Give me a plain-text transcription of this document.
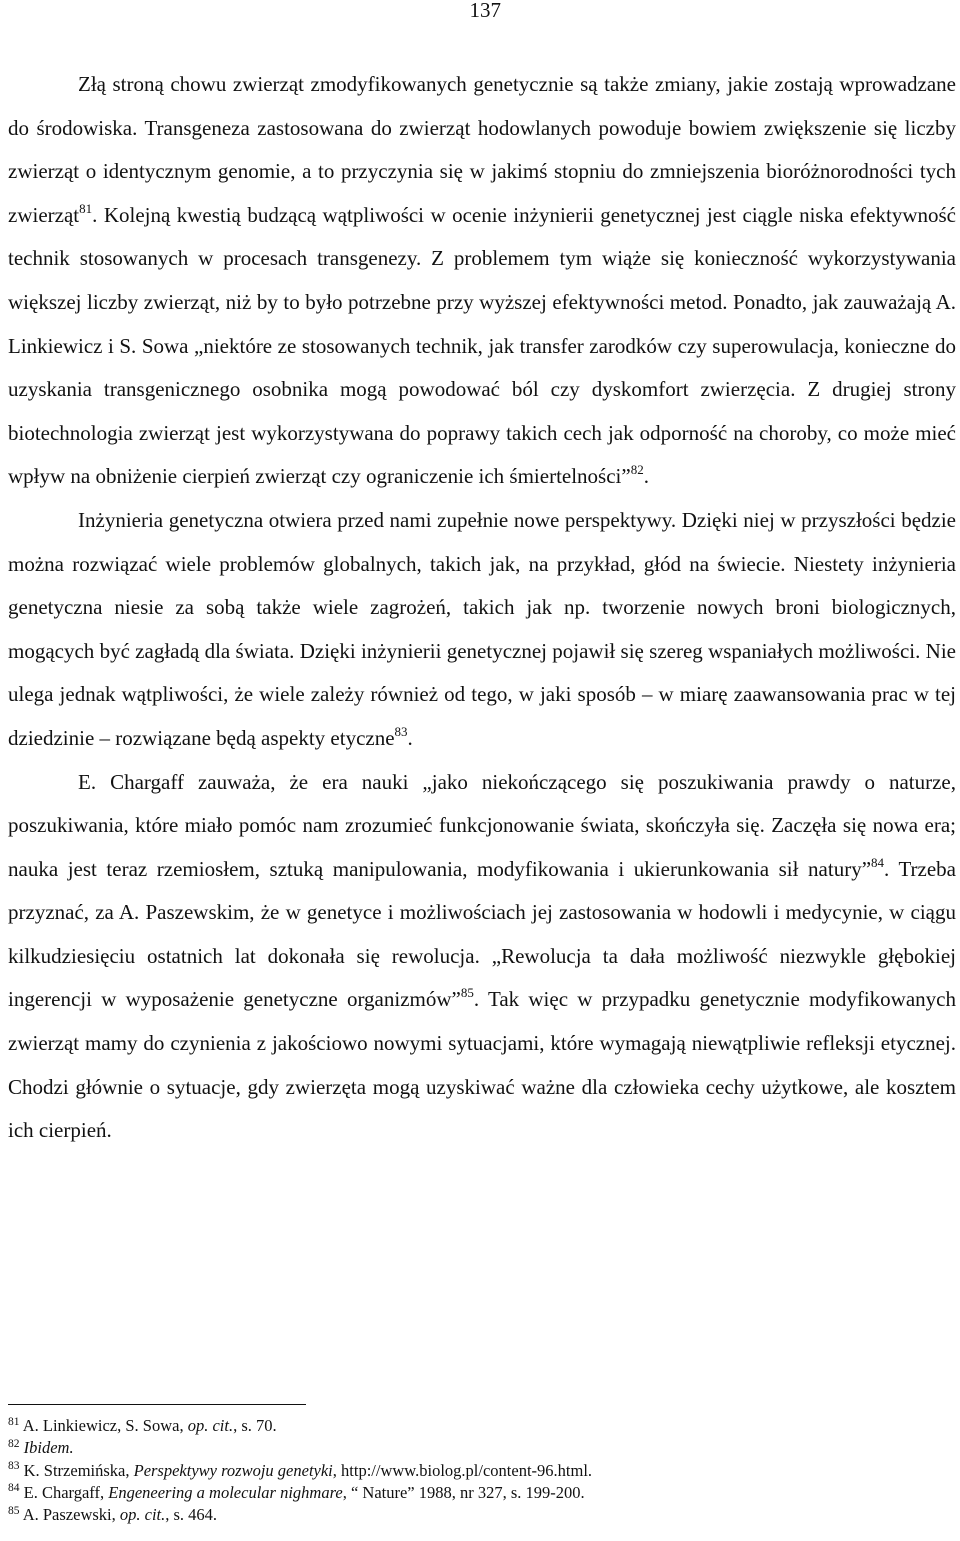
137

Złą stroną chowu zwierząt zmodyfikowanych genetycznie są także zmiany, jakie zostają wprowadzane do środowiska. Transgeneza zastosowana do zwierząt hodowlanych powoduje bowiem zwiększenie się liczby zwierząt o identycznym genomie, a to przyczynia się w jakimś stopniu do zmniejszenia bioróżnorodności tych zwierząt$^{81}$. Kolejną kwestią budzącą wątpliwości w ocenie inżynierii genetycznej jest ciągle niska efektywność technik stosowanych w procesach transgenezy. Z problemem tym wiąże się konieczność wykorzystywania większej liczby zwierząt, niż by to było potrzebne przy wyższej efektywności metod. Ponadto, jak zauważają A. Linkiewicz i S. Sowa „niektóre ze stosowanych technik, jak transfer zarodków czy superowulacja, konieczne do uzyskania transgenicznego osobnika mogą powodować ból czy dyskomfort zwierzęcia. Z drugiej strony biotechnologia zwierząt jest wykorzystywana do poprawy takich cech jak odporność na choroby, co może mieć wpływ na obniżenie cierpień zwierząt czy ograniczenie ich śmiertelności”$^{82}$.

Inżynieria genetyczna otwiera przed nami zupełnie nowe perspektywy. Dzięki niej w przyszłości będzie można rozwiązać wiele problemów globalnych, takich jak, na przykład, głód na świecie. Niestety inżynieria genetyczna niesie za sobą także wiele zagrożeń, takich jak np. tworzenie nowych broni biologicznych, mogących być zagładą dla świata. Dzięki inżynierii genetycznej pojawił się szereg wspaniałych możliwości. Nie ulega jednak wątpliwości, że wiele zależy również od tego, w jaki sposób – w miarę zaawansowania prac w tej dziedzinie – rozwiązane będą aspekty etyczne$^{83}$.

E. Chargaff zauważa, że era nauki „jako niekończącego się poszukiwania prawdy o naturze, poszukiwania, które miało pomóc nam zrozumieć funkcjonowanie świata, skończyła się. Zaczęła się nowa era; nauka jest teraz rzemiosłem, sztuką manipulowania, modyfikowania i ukierunkowania sił natury”$^{84}$. Trzeba przyznać, za A. Paszewskim, że w genetyce i możliwościach jej zastosowania w hodowli i medycynie, w ciągu kilkudziesięciu ostatnich lat dokonała się rewolucja. „Rewolucja ta dała możliwość niezwykle głębokiej ingerencji w wyposażenie genetyczne organizmów”$^{85}$. Tak więc w przypadku genetycznie modyfikowanych zwierząt mamy do czynienia z jakościowo nowymi sytuacjami, które wymagają niewątpliwie refleksji etycznej. Chodzi głównie o sytuacje, gdy zwierzęta mogą uzyskiwać ważne dla człowieka cechy użytkowe, ale kosztem ich cierpień.

$^{81}$ A. Linkiewicz, S. Sowa, op. cit., s. 70.
$^{82}$ Ibidem.
$^{83}$ K. Strzemińska, Perspektywy rozwoju genetyki, http://www.biolog.pl/content-96.html.
$^{84}$ E. Chargaff, Engeneering a molecular nighmare, “ Nature” 1988, nr 327, s. 199-200.
$^{85}$ A. Paszewski, op. cit., s. 464.
